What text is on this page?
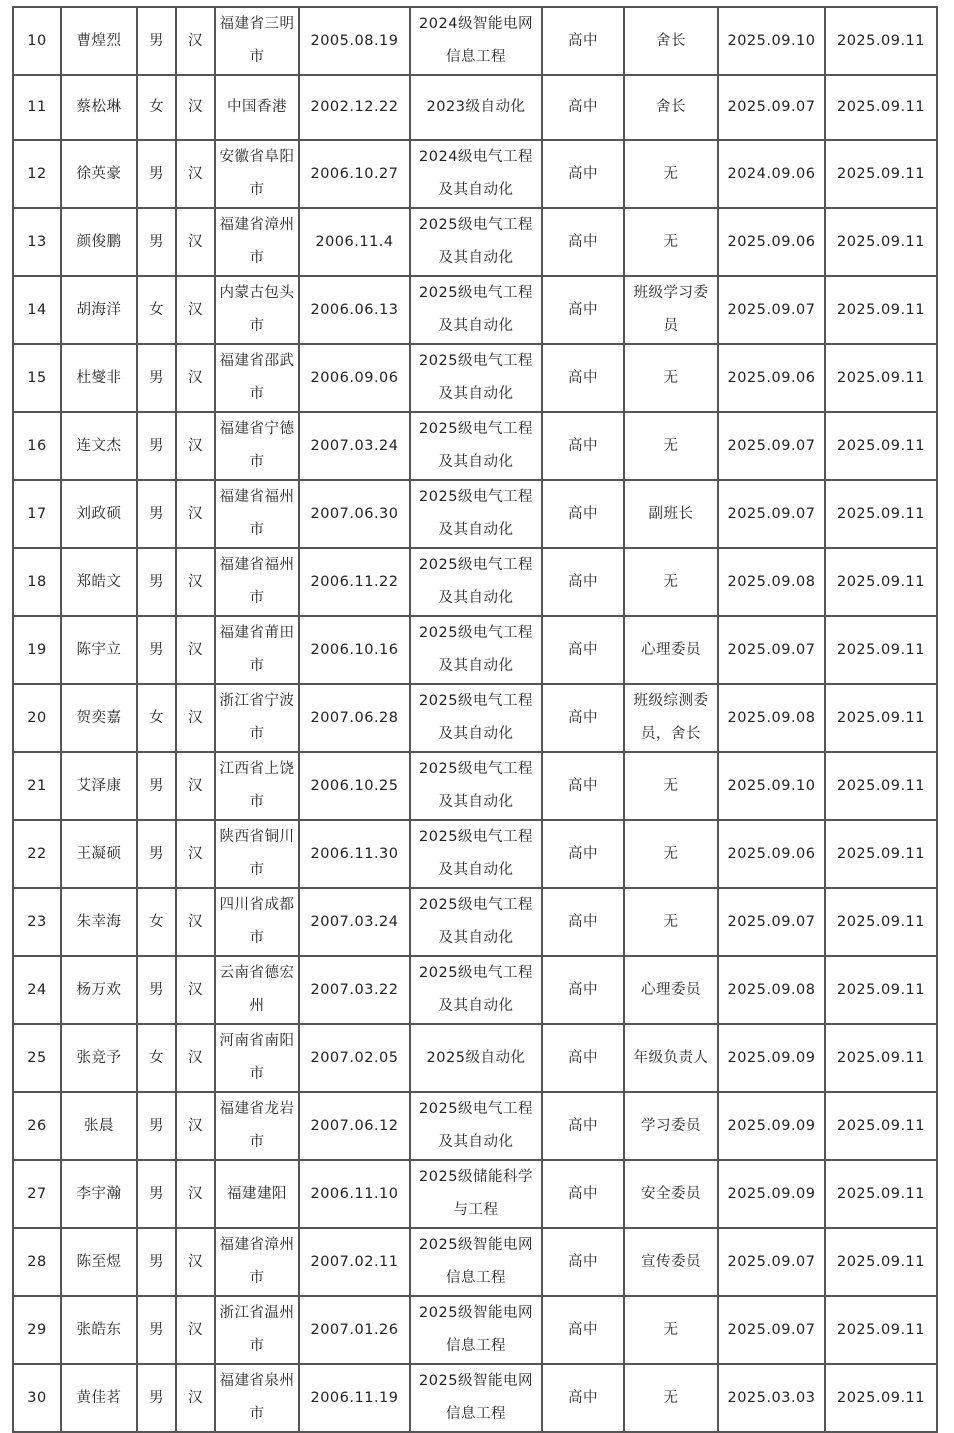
10	曹煌烈	男	汉	福建省三明市	2005.08.19	2024级智能电网信息工程	高中	舍长	2025.09.10	2025.09.11
11	蔡松琳	女	汉	中国香港	2002.12.22	2023级自动化	高中	舍长	2025.09.07	2025.09.11
12	徐英豪	男	汉	安徽省阜阳市	2006.10.27	2024级电气工程及其自动化	高中	无	2024.09.06	2025.09.11
13	颜俊鹏	男	汉	福建省漳州市	2006.11.4	2025级电气工程及其自动化	高中	无	2025.09.06	2025.09.11
14	胡海洋	女	汉	内蒙古包头市	2006.06.13	2025级电气工程及其自动化	高中	班级学习委员	2025.09.07	2025.09.11
15	杜燮非	男	汉	福建省邵武市	2006.09.06	2025级电气工程及其自动化	高中	无	2025.09.06	2025.09.11
16	连文杰	男	汉	福建省宁德市	2007.03.24	2025级电气工程及其自动化	高中	无	2025.09.07	2025.09.11
17	刘政硕	男	汉	福建省福州市	2007.06.30	2025级电气工程及其自动化	高中	副班长	2025.09.07	2025.09.11
18	郑皓文	男	汉	福建省福州市	2006.11.22	2025级电气工程及其自动化	高中	无	2025.09.08	2025.09.11
19	陈宇立	男	汉	福建省莆田市	2006.10.16	2025级电气工程及其自动化	高中	心理委员	2025.09.07	2025.09.11
20	贺奕嘉	女	汉	浙江省宁波市	2007.06.28	2025级电气工程及其自动化	高中	班级综测委员，舍长	2025.09.08	2025.09.11
21	艾泽康	男	汉	江西省上饶市	2006.10.25	2025级电气工程及其自动化	高中	无	2025.09.10	2025.09.11
22	王凝硕	男	汉	陕西省铜川市	2006.11.30	2025级电气工程及其自动化	高中	无	2025.09.06	2025.09.11
23	朱幸海	女	汉	四川省成都市	2007.03.24	2025级电气工程及其自动化	高中	无	2025.09.07	2025.09.11
24	杨万欢	男	汉	云南省德宏州	2007.03.22	2025级电气工程及其自动化	高中	心理委员	2025.09.08	2025.09.11
25	张竞予	女	汉	河南省南阳市	2007.02.05	2025级自动化	高中	年级负责人	2025.09.09	2025.09.11
26	张晨	男	汉	福建省龙岩市	2007.06.12	2025级电气工程及其自动化	高中	学习委员	2025.09.09	2025.09.11
27	李宇瀚	男	汉	福建建阳	2006.11.10	2025级储能科学与工程	高中	安全委员	2025.09.09	2025.09.11
28	陈至煜	男	汉	福建省漳州市	2007.02.11	2025级智能电网信息工程	高中	宣传委员	2025.09.07	2025.09.11
29	张皓东	男	汉	浙江省温州市	2007.01.26	2025级智能电网信息工程	高中	无	2025.09.07	2025.09.11
30	黄佳茗	男	汉	福建省泉州市	2006.11.19	2025级智能电网信息工程	高中	无	2025.03.03	2025.09.11
